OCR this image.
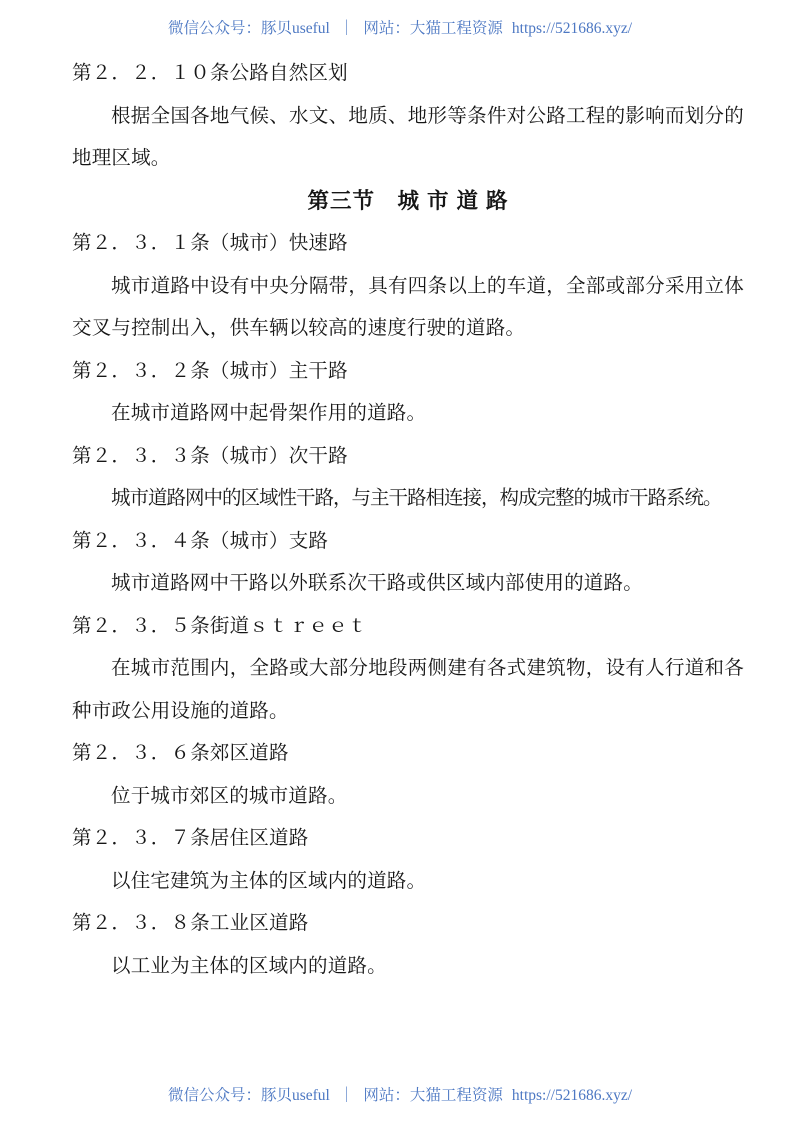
微信公众号：豚贝useful ｜ 网站：大猫工程资源 https://521686.xyz/

第２．２．１０条公路自然区划

根据全国各地气候、水文、地质、地形等条件对公路工程的影响而划分的地理区域。

第三节　城 市 道 路

第２．３．１条（城市）快速路

城市道路中设有中央分隔带，具有四条以上的车道，全部或部分采用立体交叉与控制出入，供车辆以较高的速度行驶的道路。

第２．３．２条（城市）主干路

在城市道路网中起骨架作用的道路。

第２．３．３条（城市）次干路

城市道路网中的区域性干路，与主干路相连接，构成完整的城市干路系统。

第２．３．４条（城市）支路

城市道路网中干路以外联系次干路或供区域内部使用的道路。

第２．３．５条街道ｓｔｒｅｅｔ

在城市范围内，全路或大部分地段两侧建有各式建筑物，设有人行道和各种市政公用设施的道路。

第２．３．６条郊区道路

位于城市郊区的城市道路。

第２．３．７条居住区道路

以住宅建筑为主体的区域内的道路。

第２．３．８条工业区道路

以工业为主体的区域内的道路。

微信公众号：豚贝useful ｜ 网站：大猫工程资源 https://521686.xyz/
